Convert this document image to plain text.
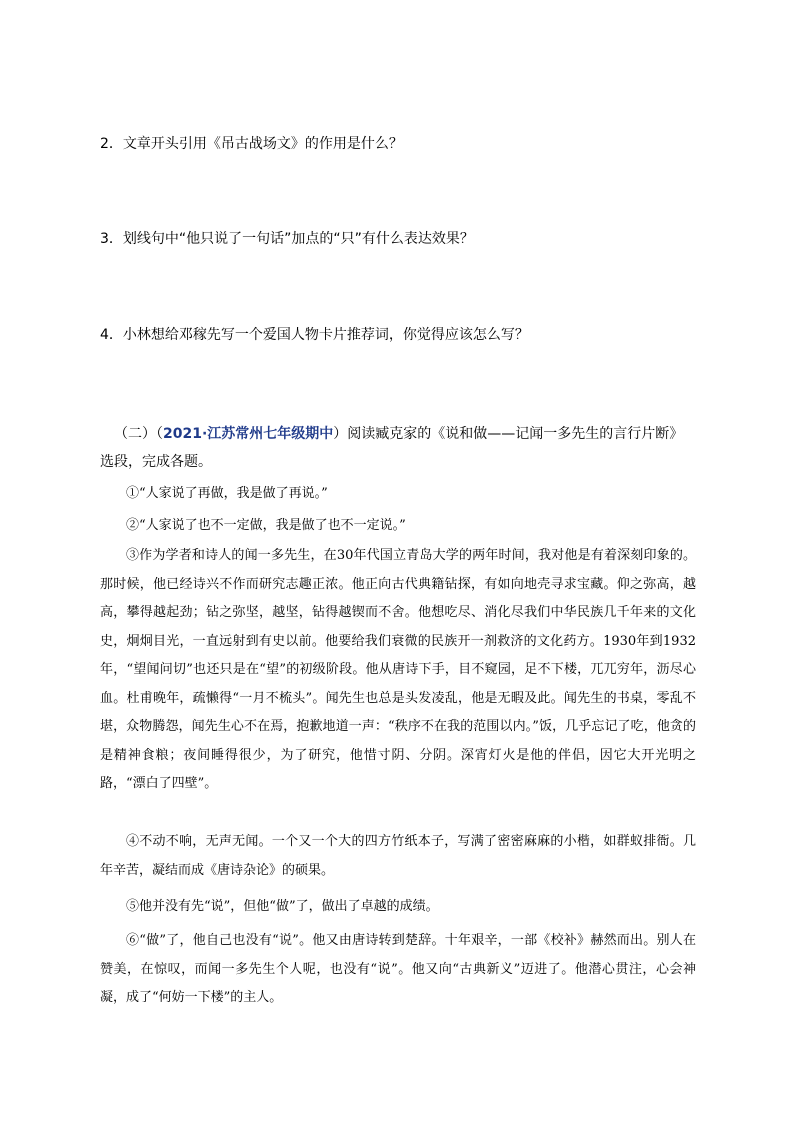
2．文章开头引用《吊古战场文》的作用是什么？
3．划线句中“他只说了一句话”加点的“只”有什么表达效果？
4．小林想给邓稼先写一个爱国人物卡片推荐词，你觉得应该怎么写？
（二）（2021·江苏常州七年级期中）阅读臧克家的《说和做——记闻一多先生的言行片断》选段，完成各题。
①“人家说了再做，我是做了再说。”
②“人家说了也不一定做，我是做了也不一定说。”
③作为学者和诗人的闻一多先生，在30年代国立青岛大学的两年时间，我对他是有着深刻印象的。那时候，他已经诗兴不作而研究志趣正浓。他正向古代典籍钻探，有如向地壳寻求宝藏。仰之弥高，越高，攀得越起劲；钻之弥坚，越坚，钻得越锲而不舍。他想吃尽、消化尽我们中华民族几千年来的文化史，炯炯目光，一直远射到有史以前。他要给我们衰微的民族开一剂救济的文化药方。1930年到1932年，“望闻问切”也还只是在“望”的初级阶段。他从唐诗下手，目不窥园，足不下楼，兀兀穷年，沥尽心血。杜甫晚年，疏懒得“一月不梳头”。闻先生也总是头发凌乱，他是无暇及此。闻先生的书桌，零乱不堪，众物腾怨，闻先生心不在焉，抱歉地道一声：“秩序不在我的范围以内。”饭，几乎忘记了吃，他贪的是精神食粮；夜间睡得很少，为了研究，他惜寸阴、分阴。深宵灯火是他的伴侣，因它大开光明之路，“漂白了四壁”。
④不动不响，无声无闻。一个又一个大的四方竹纸本子，写满了密密麻麻的小楷，如群蚁排衙。几年辛苦，凝结而成《唐诗杂论》的硕果。
⑤他并没有先“说”，但他“做”了，做出了卓越的成绩。
⑥“做”了，他自己也没有“说”。他又由唐诗转到楚辞。十年艰辛，一部《校补》赫然而出。别人在赞美，在惊叹，而闻一多先生个人呢，也没有“说”。他又向“古典新义”迈进了。他潜心贯注，心会神凝，成了“何妨一下楼”的主人。
